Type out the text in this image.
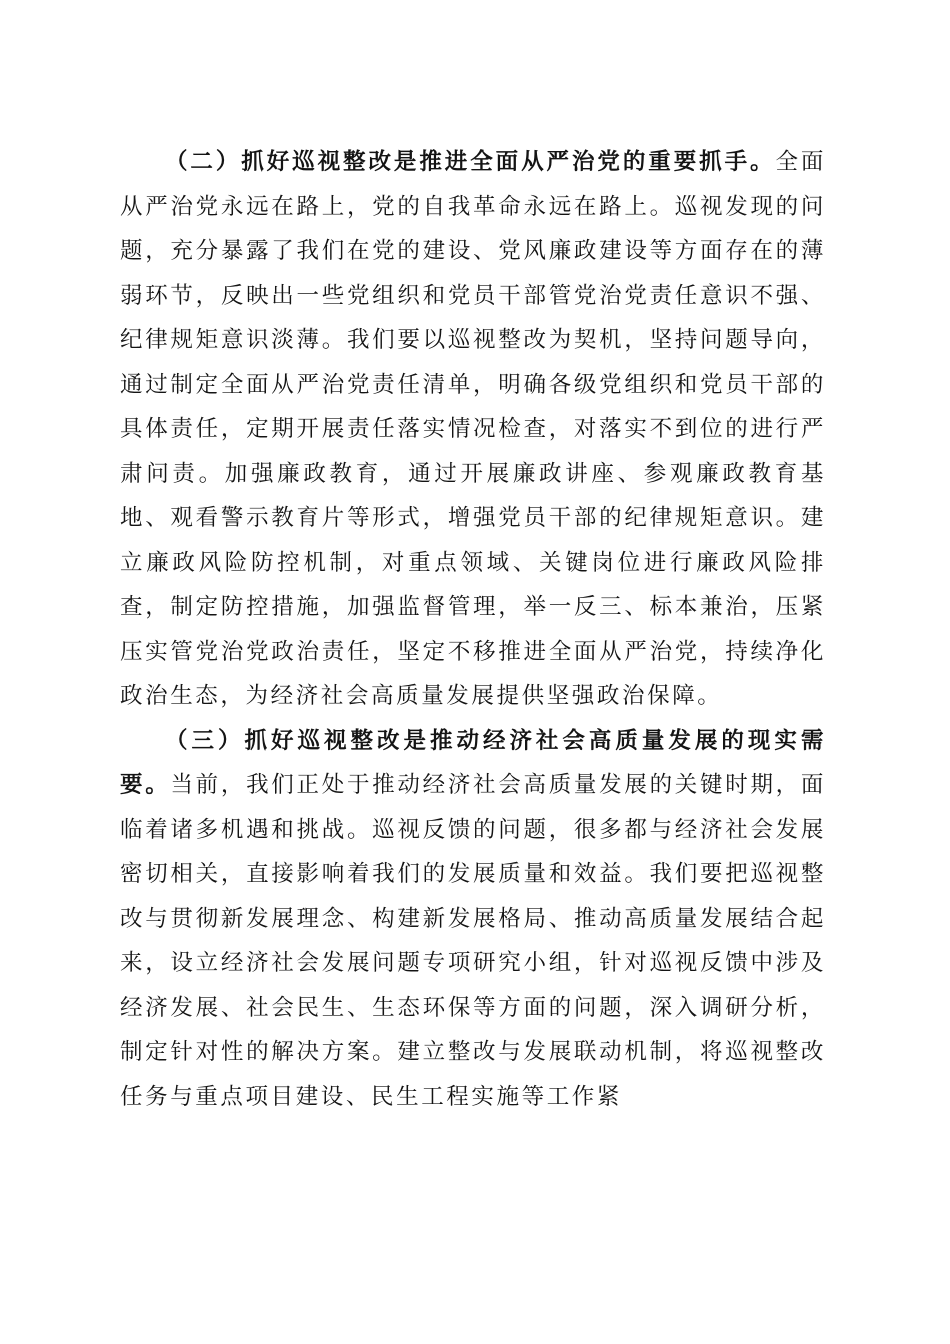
（二）抓好巡视整改是推进全面从严治党的重要抓手。全面从严治党永远在路上，党的自我革命永远在路上。巡视发现的问题，充分暴露了我们在党的建设、党风廉政建设等方面存在的薄弱环节，反映出一些党组织和党员干部管党治党责任意识不强、纪律规矩意识淡薄。我们要以巡视整改为契机，坚持问题导向，通过制定全面从严治党责任清单，明确各级党组织和党员干部的具体责任，定期开展责任落实情况检查，对落实不到位的进行严肃问责。加强廉政教育，通过开展廉政讲座、参观廉政教育基地、观看警示教育片等形式，增强党员干部的纪律规矩意识。建立廉政风险防控机制，对重点领域、关键岗位进行廉政风险排查，制定防控措施，加强监督管理，举一反三、标本兼治，压紧压实管党治党政治责任，坚定不移推进全面从严治党，持续净化政治生态，为经济社会高质量发展提供坚强政治保障。

（三）抓好巡视整改是推动经济社会高质量发展的现实需要。当前，我们正处于推动经济社会高质量发展的关键时期，面临着诸多机遇和挑战。巡视反馈的问题，很多都与经济社会发展密切相关，直接影响着我们的发展质量和效益。我们要把巡视整改与贯彻新发展理念、构建新发展格局、推动高质量发展结合起来，设立经济社会发展问题专项研究小组，针对巡视反馈中涉及经济发展、社会民生、生态环保等方面的问题，深入调研分析，制定针对性的解决方案。建立整改与发展联动机制，将巡视整改任务与重点项目建设、民生工程实施等工作紧
